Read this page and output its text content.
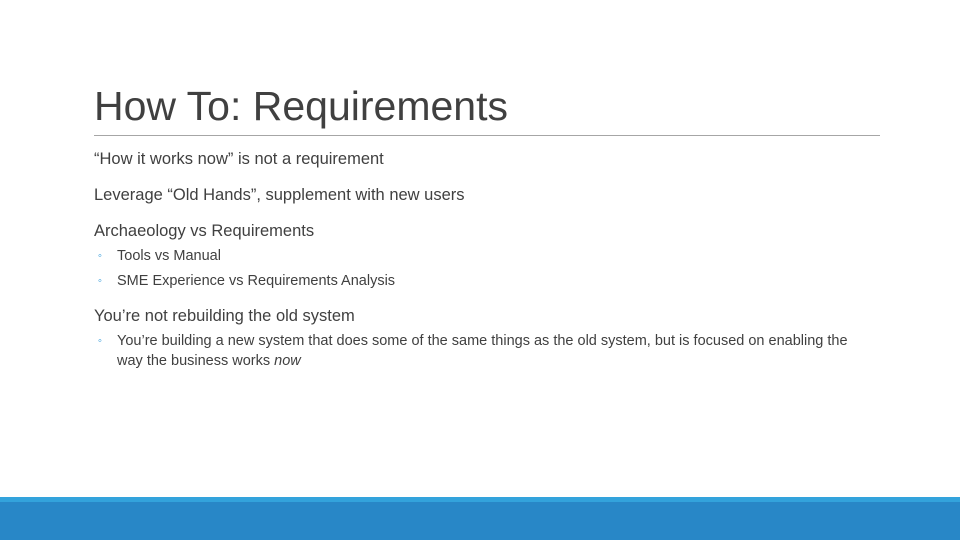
How To: Requirements
“How it works now” is not a requirement
Leverage “Old Hands”, supplement with new users
Archaeology vs Requirements
◦ Tools vs Manual
◦ SME Experience vs Requirements Analysis
You’re not rebuilding the old system
◦ You’re building a new system that does some of the same things as the old system, but is focused on enabling the way the business works now
